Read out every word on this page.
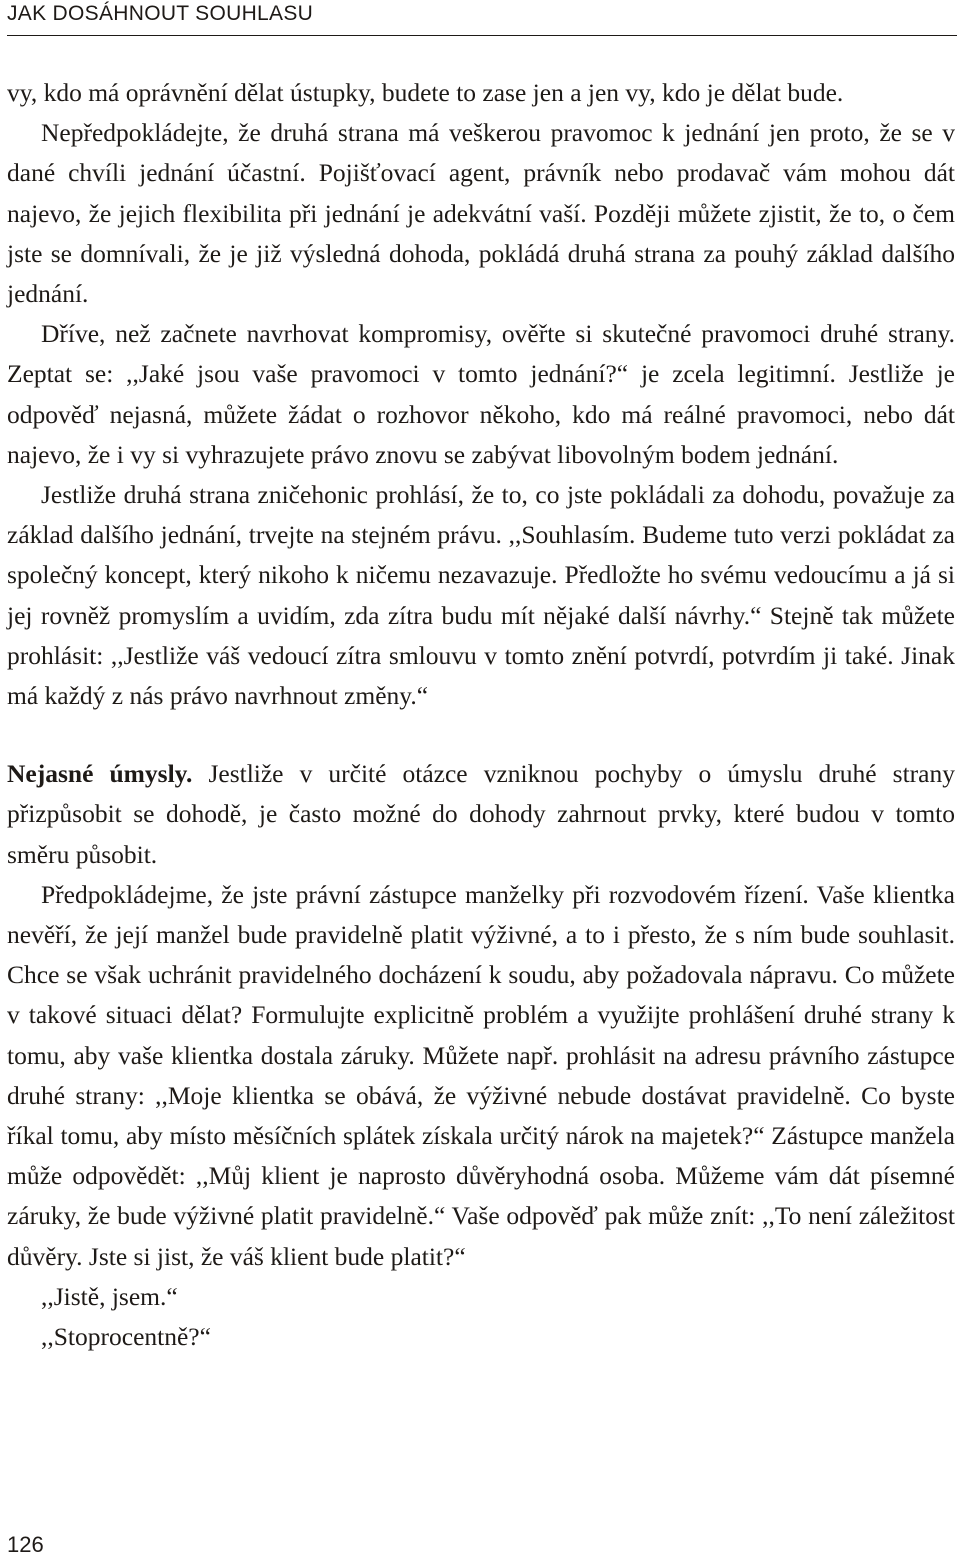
JAK DOSÁHNOUT SOUHLASU

vy, kdo má oprávnění dělat ústupky, budete to zase jen a jen vy, kdo je dělat bude.

Nepředpokládejte, že druhá strana má veškerou pravomoc k jednání jen proto, že se v dané chvíli jednání účastní. Pojišťovací agent, právník nebo prodavač vám mohou dát najevo, že jejich flexibilita při jednání je adekvátní vaší. Později můžete zjistit, že to, o čem jste se domnívali, že je již výsledná dohoda, pokládá druhá strana za pouhý základ dalšího jednání.

Dříve, než začnete navrhovat kompromisy, ověřte si skutečné pravomoci druhé strany. Zeptat se: ,,Jaké jsou vaše pravomoci v tomto jednání?“ je zcela legitimní. Jestliže je odpověď nejasná, můžete žádat o rozhovor někoho, kdo má reálné pravomoci, nebo dát najevo, že i vy si vyhrazujete právo znovu se zabývat libovolným bodem jednání.

Jestliže druhá strana zničehonic prohlásí, že to, co jste pokládali za dohodu, považuje za základ dalšího jednání, trvejte na stejném právu. ,,Souhlasím. Budeme tuto verzi pokládat za společný koncept, který nikoho k ničemu nezavazuje. Předložte ho svému vedoucímu a já si jej rovněž promyslím a uvidím, zda zítra budu mít nějaké další návrhy.“ Stejně tak můžete prohlásit: ,,Jestliže váš vedoucí zítra smlouvu v tomto znění potvrdí, potvrdím ji také. Jinak má každý z nás právo navrhnout změny.“

Nejasné úmysly. Jestliže v určité otázce vzniknou pochyby o úmyslu druhé strany přizpůsobit se dohodě, je často možné do dohody zahrnout prvky, které budou v tomto směru působit.

Předpokládejme, že jste právní zástupce manželky při rozvodovém řízení. Vaše klientka nevěří, že její manžel bude pravidelně platit výživné, a to i přesto, že s ním bude souhlasit. Chce se však uchránit pravidelného docházení k soudu, aby požadovala nápravu. Co můžete v takové situaci dělat? Formulujte explicitně problém a využijte prohlášení druhé strany k tomu, aby vaše klientka dostala záruky. Můžete např. prohlásit na adresu právního zástupce druhé strany: ,,Moje klientka se obává, že výživné nebude dostávat pravidelně. Co byste říkal tomu, aby místo měsíčních splátek získala určitý nárok na majetek?“ Zástupce manžela může odpovědět: ,,Můj klient je naprosto důvěryhodná osoba. Můžeme vám dát písemné záruky, že bude výživné platit pravidelně.“ Vaše odpověď pak může znít: ,,To není záležitost důvěry. Jste si jist, že váš klient bude platit?“

,,Jistě, jsem.“

,,Stoprocentně?“

126
